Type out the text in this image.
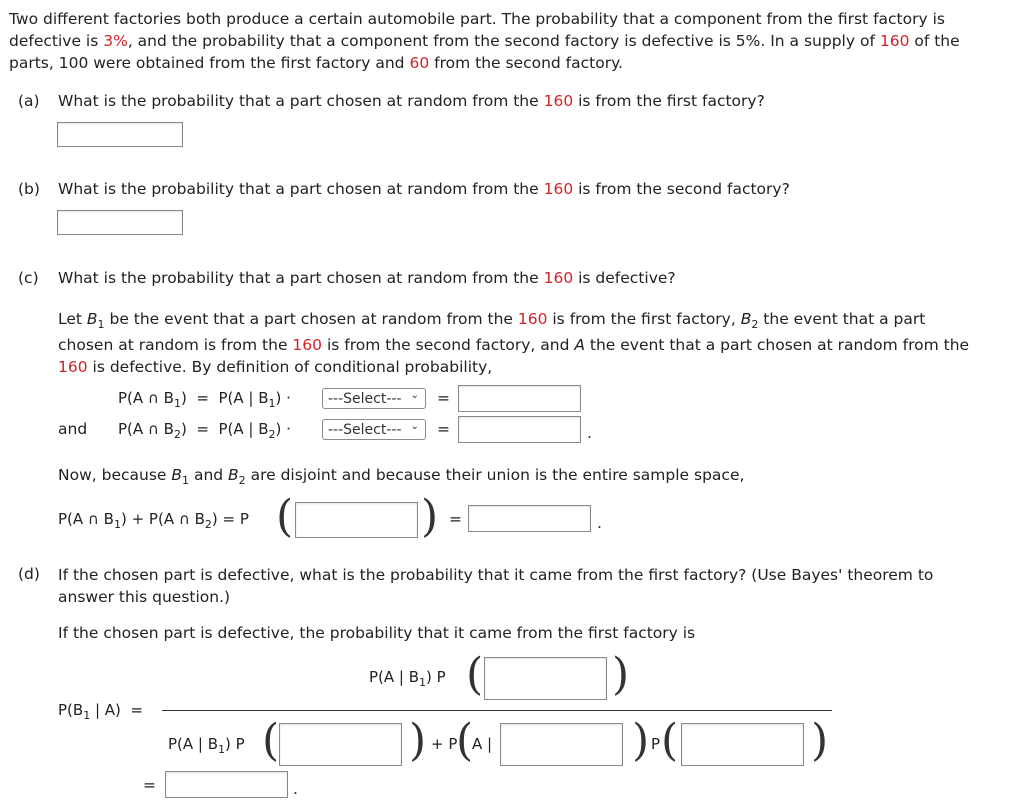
Two different factories both produce a certain automobile part. The probability that a component from the first factory is
defective is 3%, and the probability that a component from the second factory is defective is 5%. In a supply of 160 of the
parts, 100 were obtained from the first factory and 60 from the second factory.
(a) What is the probability that a part chosen at random from the 160 is from the first factory?
(b) What is the probability that a part chosen at random from the 160 is from the second factory?
(c) What is the probability that a part chosen at random from the 160 is defective?
Let $B_1$ be the event that a part chosen at random from the 160 is from the first factory, $B_2$ the event that a part
chosen at random is from the 160 is from the second factory, and A the event that a part chosen at random from the
160 is defective. By definition of conditional probability,
P(A ∩ $B_1) = P(A$ | $B_1$) ·	---Select--- ⌄ =
and P(A ∩ $B_2) = P(A$ | $B_2$) ·	---Select--- ⌄ =	.
Now, because $B_1$ and $B_2$ are disjoint and because their union is the entire sample space,
P(A ∩ $B_1) + P(A$ ∩ $B_2) = P$ (	) =	.
(d) If the chosen part is defective, what is the probability that it came from the first factory? (Use Bayes' theorem to
answer this question.)
If the chosen part is defective, the probability that it came from the first factory is
P(A | $B_1$) P (	)
$P(B_1$ | A)  =
P(A | $B_1$) P (	) + P
(
A |	) P (	)
=	.
